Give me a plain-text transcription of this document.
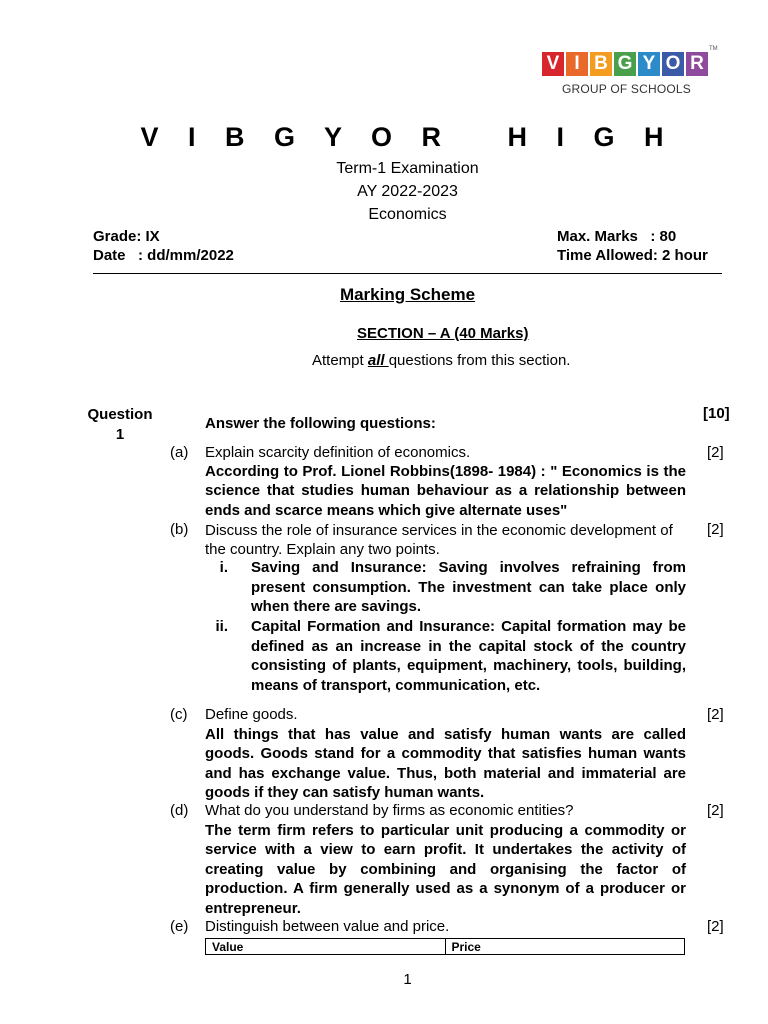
V I B G Y O R
TM
GROUP OF SCHOOLS
V I B G Y O R   H I G H
Term-1 Examination
AY 2022-2023
Economics
Grade: IX
Date   : dd/mm/2022
Max. Marks   : 80
Time Allowed: 2 hour
Marking Scheme
SECTION – A (40 Marks)
Attempt all questions from this section.
Question
1
Answer the following questions:
[10]
(a) Explain scarcity definition of economics.	[2]
According to Prof. Lionel Robbins(1898- 1984) : " Economics is the science that studies human behaviour as a relationship between ends and scarce means which give alternate uses"
(b) Discuss the role of insurance services in the economic development of the country. Explain any two points.
[2]
i. Saving and Insurance: Saving involves refraining from present consumption. The investment can take place only when there are savings.
ii. Capital Formation and Insurance: Capital formation may be defined as an increase in the capital stock of the country consisting of plants, equipment, machinery, tools, building, means of transport, communication, etc.
(c) Define goods.	[2]
All things that has value and satisfy human wants are called goods. Goods stand for a commodity that satisfies human wants and has exchange value. Thus, both material and immaterial are goods if they can satisfy human wants.
(d) What do you understand by firms as economic entities?	[2]
The term firm refers to particular unit producing a commodity or service with a view to earn profit. It undertakes the activity of creating value by combining and organising the factor of production. A firm generally used as a synonym of a producer or entrepreneur.
(e) Distinguish between value and price.	[2]
Value	Price
1
